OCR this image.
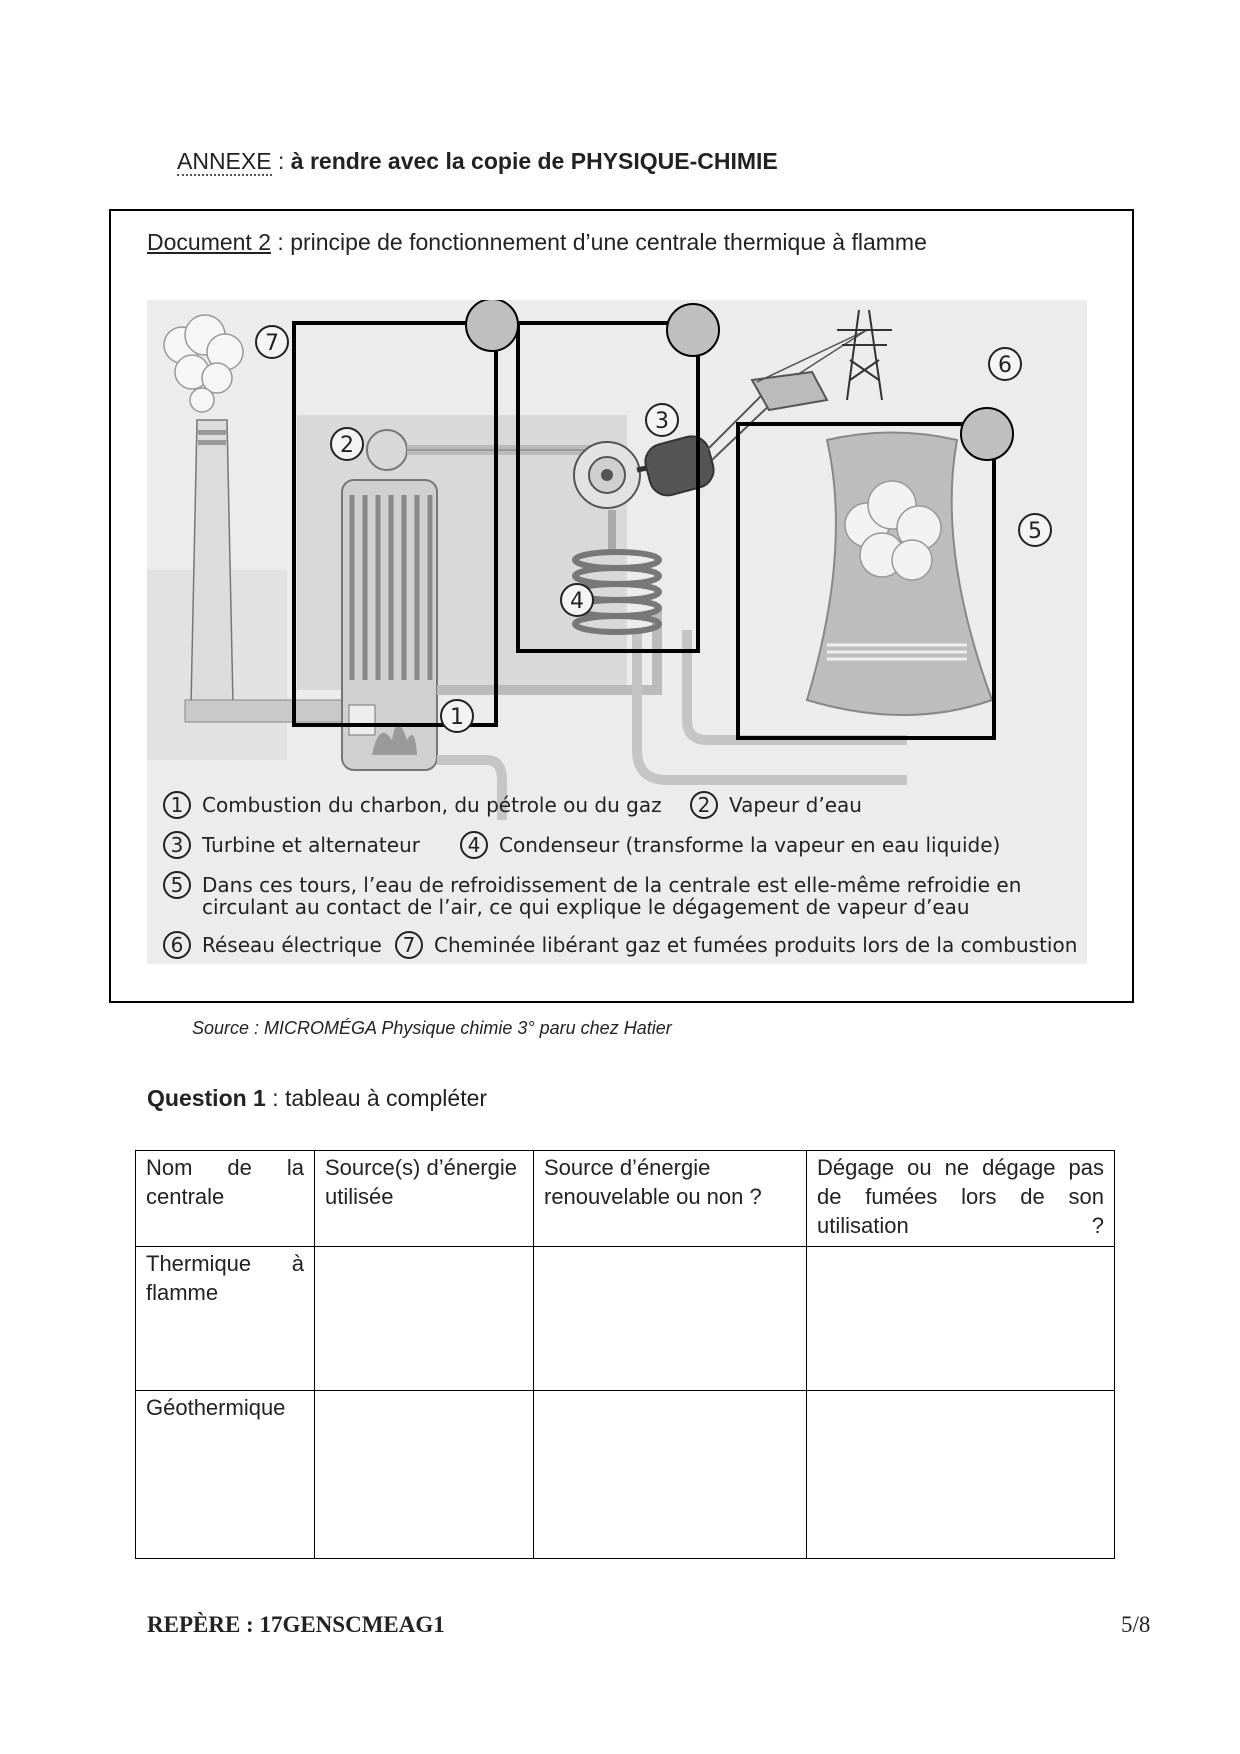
ANNEXE : à rendre avec la copie de PHYSIQUE-CHIMIE
Document 2 : principe de fonctionnement d’une centrale thermique à flamme
7
2
3
4
1
5
6
1 Combustion du charbon, du pétrole ou du gaz 2 Vapeur d’eau
3 Turbine et alternateur 4 Condenseur (transforme la vapeur en eau liquide)
5 Dans ces tours, l’eau de refroidissement de la centrale est elle-même refroidie en
circulant au contact de l’air, ce qui explique le dégagement de vapeur d’eau
6 Réseau électrique 7 Cheminée libérant gaz et fumées produits lors de la combustion
Source : MICROMÉGA Physique chimie 3° paru chez Hatier
Question 1 : tableau à compléter
Nom de la centrale	Source(s) d’énergie utilisée	Source d’énergie renouvelable ou non ?	Dégage ou ne dégage pas de fumées lors de son utilisation ?
Thermique à flamme			
Géothermique			
REPÈRE : 17GENSCMEAG1	5/8
